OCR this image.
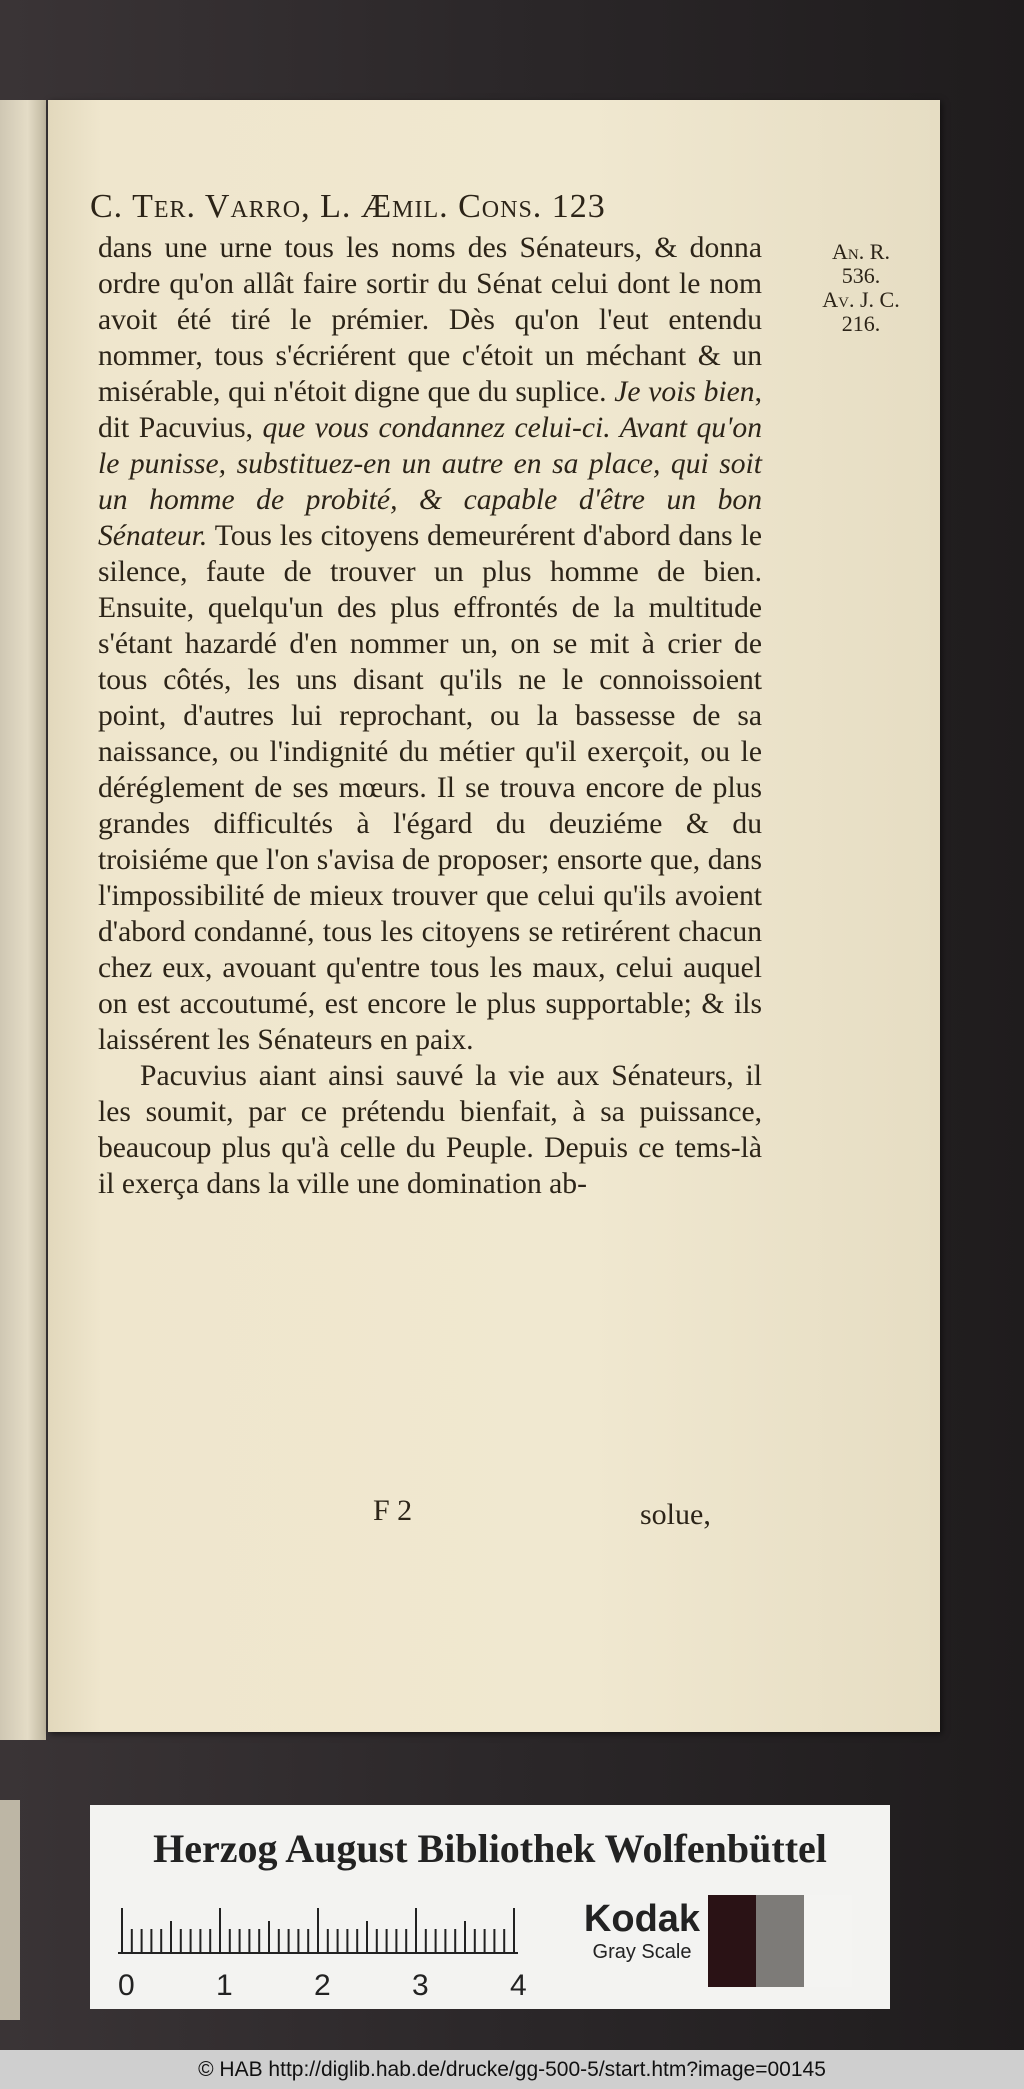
C. Ter. Varro, L. Æmil. Cons. 123
An. R.
536.
Av. J. C.
216.

dans une urne tous les noms des Sénateurs, & donna ordre qu'on allât faire sortir du Sénat celui dont le nom avoit été tiré le prémier. Dès qu'on l'eut entendu nommer, tous s'écriérent que c'étoit un méchant & un misérable, qui n'étoit digne que du suplice. Je vois bien, dit Pacuvius, que vous condannez celui-ci. Avant qu'on le punisse, substituez-en un autre en sa place, qui soit un homme de probité, & capable d'être un bon Sénateur. Tous les citoyens demeurérent d'abord dans le silence, faute de trouver un plus homme de bien. Ensuite, quelqu'un des plus effrontés de la multitude s'étant hazardé d'en nommer un, on se mit à crier de tous côtés, les uns disant qu'ils ne le connoissoient point, d'autres lui reprochant, ou la bassesse de sa naissance, ou l'indignité du métier qu'il exerçoit, ou le déréglement de ses mœurs. Il se trouva encore de plus grandes difficultés à l'égard du deuziéme & du troisiéme que l'on s'avisa de proposer; ensorte que, dans l'impossibilité de mieux trouver que celui qu'ils avoient d'abord condanné, tous les citoyens se retirérent chacun chez eux, avouant qu'entre tous les maux, celui auquel on est accoutumé, est encore le plus supportable; & ils laissérent les Sénateurs en paix.

Pacuvius aiant ainsi sauvé la vie aux Sénateurs, il les soumit, par ce prétendu bienfait, à sa puissance, beaucoup plus qu'à celle du Peuple. Depuis ce tems-là il exerça dans la ville une domination ab-

F 2	solue,
Herzog August Bibliothek Wolfenbüttel
0	1	2	3	4
Kodak
Gray Scale
© HAB http://diglib.hab.de/drucke/gg-500-5/start.htm?image=00145
